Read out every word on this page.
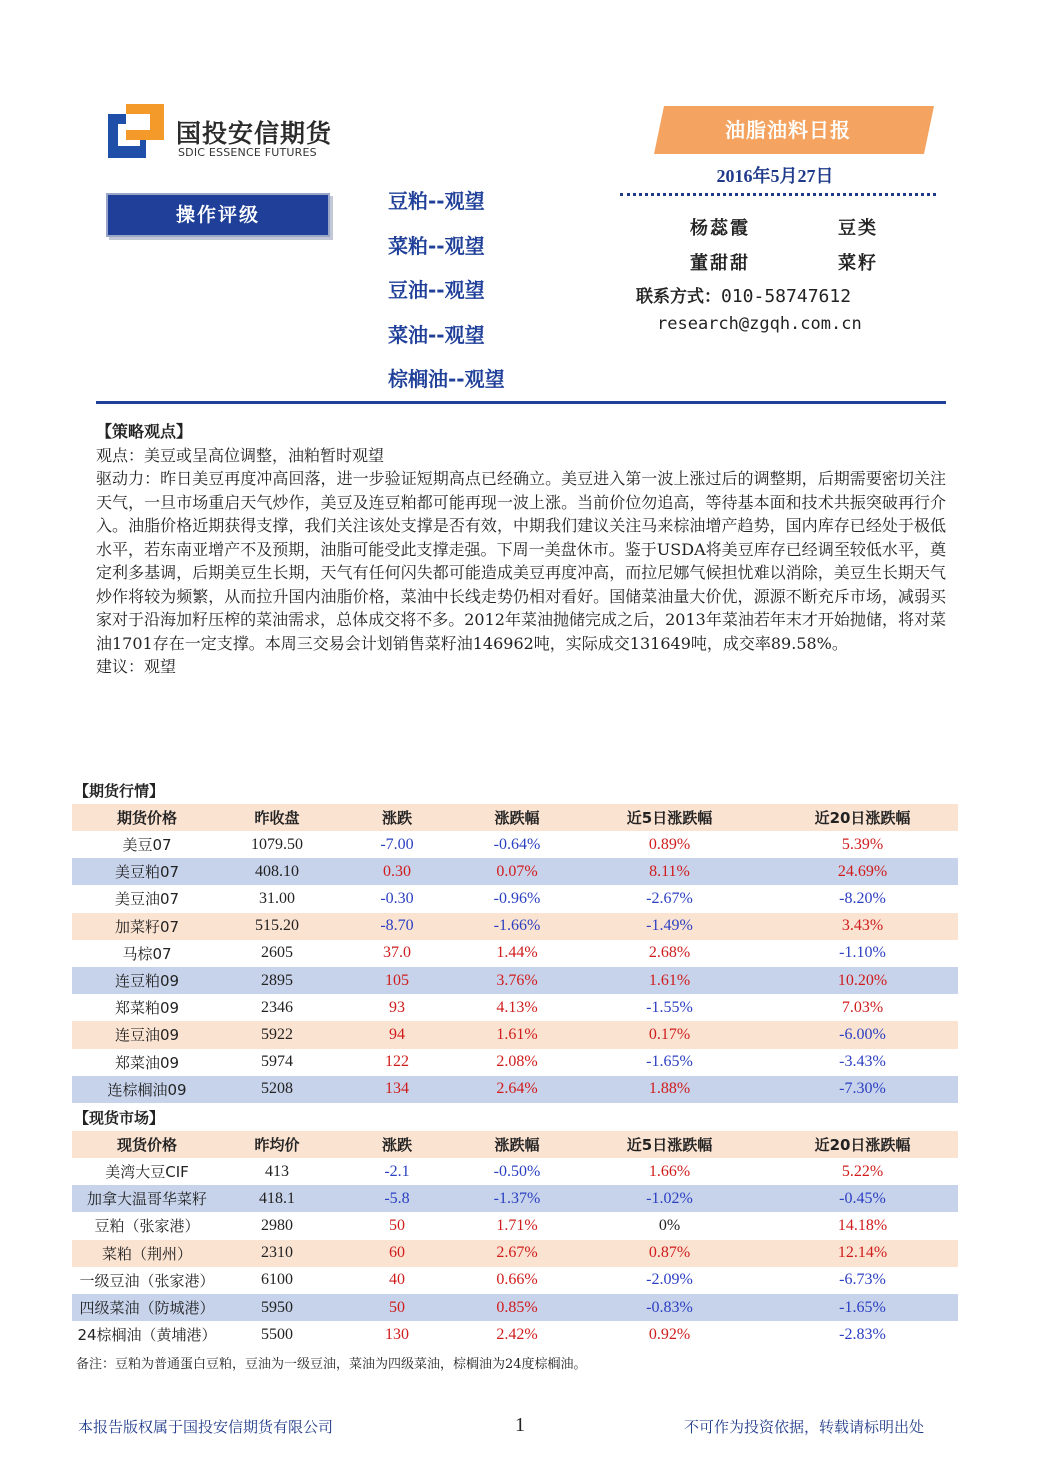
国投安信期货
SDIC ESSENCE FUTURES
油脂油料日报
2016年5月27日
操作评级
豆粕--观望
菜粕--观望
豆油--观望
菜油--观望
棕榈油--观望
杨蕊霞	豆类
董甜甜	菜籽
联系方式：010-58747612
research@zgqh.com.cn
【策略观点】
观点：美豆或呈高位调整，油粕暂时观望
驱动力：昨日美豆再度冲高回落，进一步验证短期高点已经确立。美豆进入第一波上涨过后的调整期，后期需要密切关注天气，一旦市场重启天气炒作，美豆及连豆粕都可能再现一波上涨。当前价位勿追高，等待基本面和技术共振突破再行介入。油脂价格近期获得支撑，我们关注该处支撑是否有效，中期我们建议关注马来棕油增产趋势，国内库存已经处于极低水平，若东南亚增产不及预期，油脂可能受此支撑走强。下周一美盘休市。鉴于USDA将美豆库存已经调至较低水平，奠定利多基调，后期美豆生长期，天气有任何闪失都可能造成美豆再度冲高，而拉尼娜气候担忧难以消除，美豆生长期天气炒作将较为频繁，从而拉升国内油脂价格，菜油中长线走势仍相对看好。国储菜油量大价优，源源不断充斥市场，减弱买家对于沿海加籽压榨的菜油需求，总体成交将不多。2012年菜油抛储完成之后，2013年菜油若年末才开始抛储，将对菜油1701存在一定支撑。本周三交易会计划销售菜籽油146962吨，实际成交131649吨，成交率89.58%。
建议：观望
【期货行情】
期货价格	昨收盘	涨跌	涨跌幅	近5日涨跌幅	近20日涨跌幅
美豆07	1079.50	-7.00	-0.64%	0.89%	5.39%
美豆粕07	408.10	0.30	0.07%	8.11%	24.69%
美豆油07	31.00	-0.30	-0.96%	-2.67%	-8.20%
加菜籽07	515.20	-8.70	-1.66%	-1.49%	3.43%
马棕07	2605	37.0	1.44%	2.68%	-1.10%
连豆粕09	2895	105	3.76%	1.61%	10.20%
郑菜粕09	2346	93	4.13%	-1.55%	7.03%
连豆油09	5922	94	1.61%	0.17%	-6.00%
郑菜油09	5974	122	2.08%	-1.65%	-3.43%
连棕榈油09	5208	134	2.64%	1.88%	-7.30%
【现货市场】
现货价格	昨均价	涨跌	涨跌幅	近5日涨跌幅	近20日涨跌幅
美湾大豆CIF	413	-2.1	-0.50%	1.66%	5.22%
加拿大温哥华菜籽	418.1	-5.8	-1.37%	-1.02%	-0.45%
豆粕（张家港）	2980	50	1.71%	0%	14.18%
菜粕（荆州）	2310	60	2.67%	0.87%	12.14%
一级豆油（张家港）	6100	40	0.66%	-2.09%	-6.73%
四级菜油（防城港）	5950	50	0.85%	-0.83%	-1.65%
24棕榈油（黄埔港）	5500	130	2.42%	0.92%	-2.83%
备注：豆粕为普通蛋白豆粕，豆油为一级豆油，菜油为四级菜油，棕榈油为24度棕榈油。
本报告版权属于国投安信期货有限公司	1	不可作为投资依据，转载请标明出处
